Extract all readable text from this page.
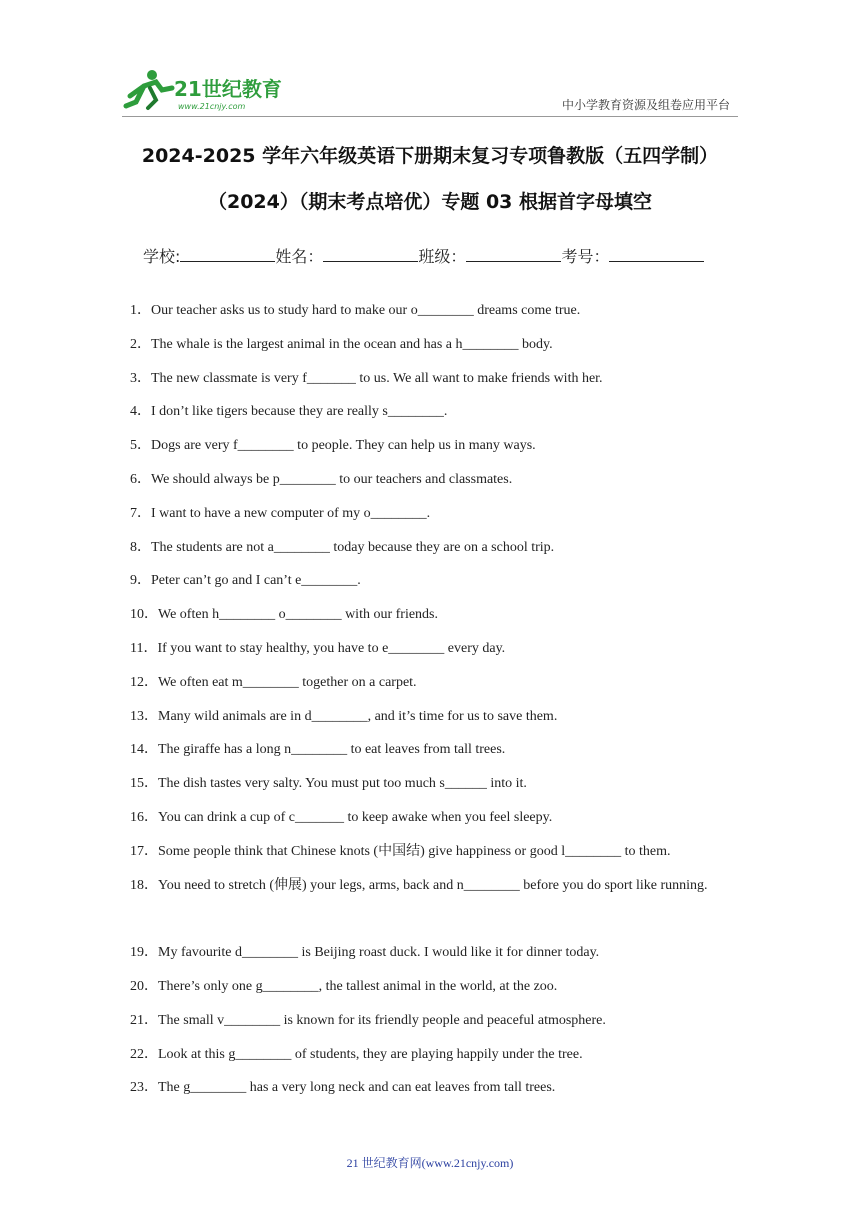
21世纪教育
www.21cnjy.com	中小学教育资源及组卷应用平台
2024-2025 学年六年级英语下册期末复习专项鲁教版（五四学制）
（2024）（期末考点培优）专题 03 根据首字母填空
学校:	姓名：	班级：	考号：
1．Our teacher asks us to study hard to make our o________ dreams come true.
2．The whale is the largest animal in the ocean and has a h________ body.
3．The new classmate is very f_______ to us. We all want to make friends with her.
4．I don’t like tigers because they are really s________.
5．Dogs are very f________ to people. They can help us in many ways.
6．We should always be p________ to our teachers and classmates.
7．I want to have a new computer of my o________.
8．The students are not a________ today because they are on a school trip.
9．Peter can’t go and I can’t e________.
10．We often h________ o________ with our friends.
11．If you want to stay healthy, you have to e________ every day.
12．We often eat m________ together on a carpet.
13．Many wild animals are in d________, and it’s time for us to save them.
14．The giraffe has a long n________ to eat leaves from tall trees.
15．The dish tastes very salty. You must put too much s______ into it.
16．You can drink a cup of c_______ to keep awake when you feel sleepy.
17．Some people think that Chinese knots (中国结) give happiness or good l________ to them.
18．You need to stretch (伸展) your legs, arms, back and n________ before you do sport like running.
19．My favourite d________ is Beijing roast duck. I would like it for dinner today.
20．There’s only one g________, the tallest animal in the world, at the zoo.
21．The small v________ is known for its friendly people and peaceful atmosphere.
22．Look at this g________ of students, they are playing happily under the tree.
23．The g________ has a very long neck and can eat leaves from tall trees.
21 世纪教育网(www.21cnjy.com)
